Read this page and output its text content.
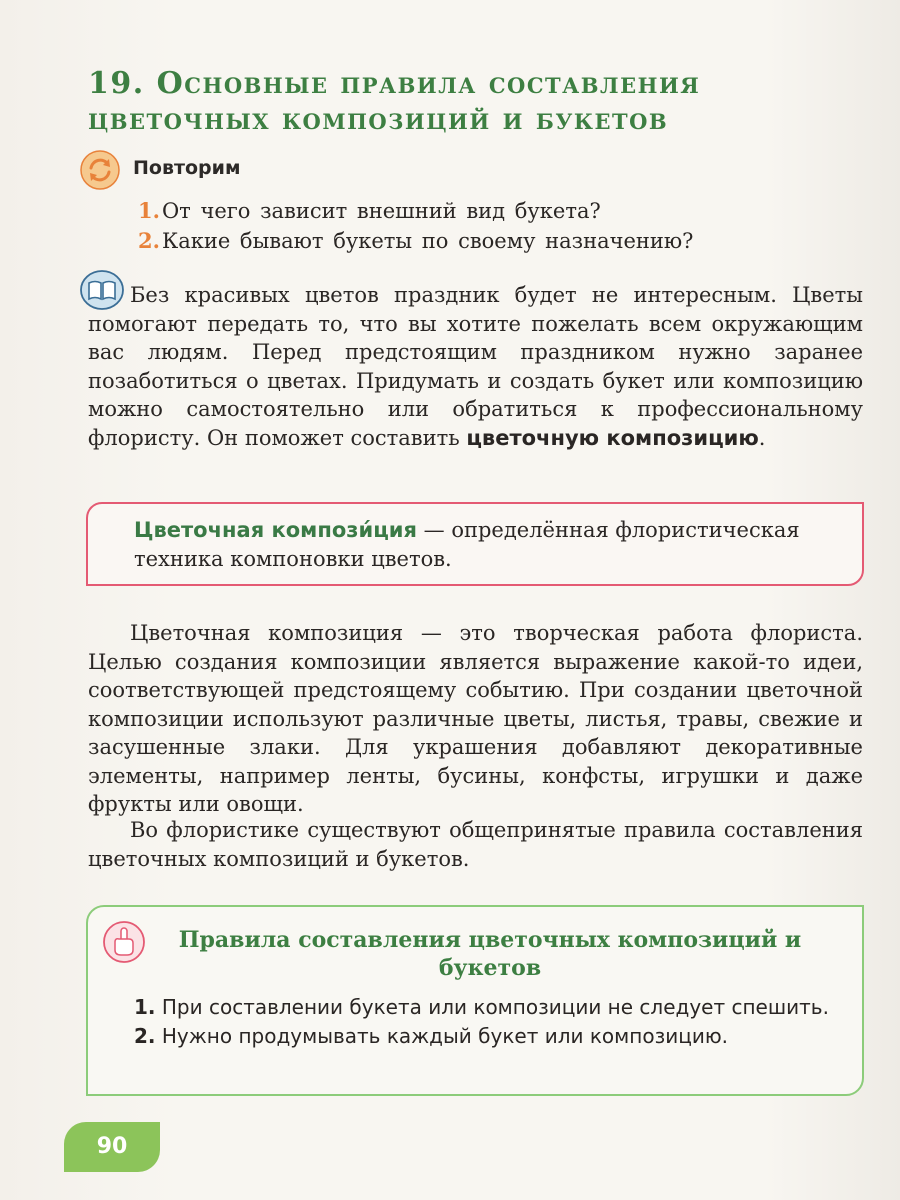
19. Основные правила составления
цветочных композиций и букетов
Повторим
1.От чего зависит внешний вид букета?
2.Какие бывают букеты по своему назначению?

Без красивых цветов праздник будет не интересным. Цветы помогают передать то, что вы хотите пожелать всем окружающим вас людям. Перед предстоящим праздником нужно заранее позаботиться о цветах. Придумать и создать букет или композицию можно самостоятельно или обратиться к профессиональному флористу. Он поможет составить цветочную композицию.

Цветочная компози́ция — определённая флористическая техника компоновки цветов.

Цветочная композиция — это творческая работа флориста. Целью создания композиции является выражение какой-то идеи, соответствующей предстоящему событию. При создании цветочной композиции используют различные цветы, листья, травы, свежие и засушенные злаки. Для украшения добавляют декоративные элементы, например ленты, бусины, конфсты, игрушки и даже фрукты или овощи.

Во флористике существуют общепринятые правила составления цветочных композиций и букетов.

Правила составления цветочных композиций и букетов
1. При составлении букета или композиции не следует спешить.
2. Нужно продумывать каждый букет или композицию.
90
